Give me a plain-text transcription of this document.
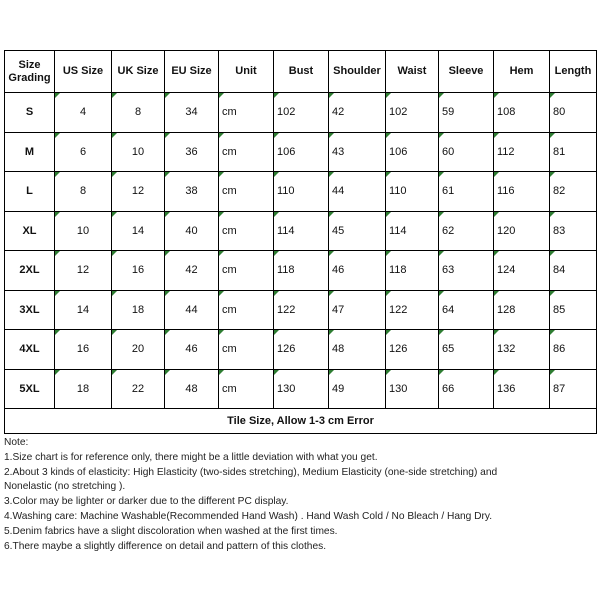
Size Grading	US Size	UK Size	EU Size	Unit	Bust	Shoulder	Waist	Sleeve	Hem	Length
S	4	8	34	cm	102	42	102	59	108	80
M	6	10	36	cm	106	43	106	60	112	81
L	8	12	38	cm	110	44	110	61	116	82
XL	10	14	40	cm	114	45	114	62	120	83
2XL	12	16	42	cm	118	46	118	63	124	84
3XL	14	18	44	cm	122	47	122	64	128	85
4XL	16	20	46	cm	126	48	126	65	132	86
5XL	18	22	48	cm	130	49	130	66	136	87
Tile Size, Allow 1-3 cm Error										
Note:
1.Size chart is for reference only, there might be a little deviation with what you get.
2.About 3 kinds of elasticity: High Elasticity (two-sides stretching), Medium Elasticity (one-side stretching) and
Nonelastic (no stretching ).
3.Color may be lighter or darker due to the different PC display.
4.Washing care: Machine Washable(Recommended Hand Wash) . Hand Wash Cold / No Bleach / Hang Dry.
5.Denim fabrics have a slight discoloration when washed at the first times.
6.There maybe a slightly difference on detail and pattern of this clothes.
